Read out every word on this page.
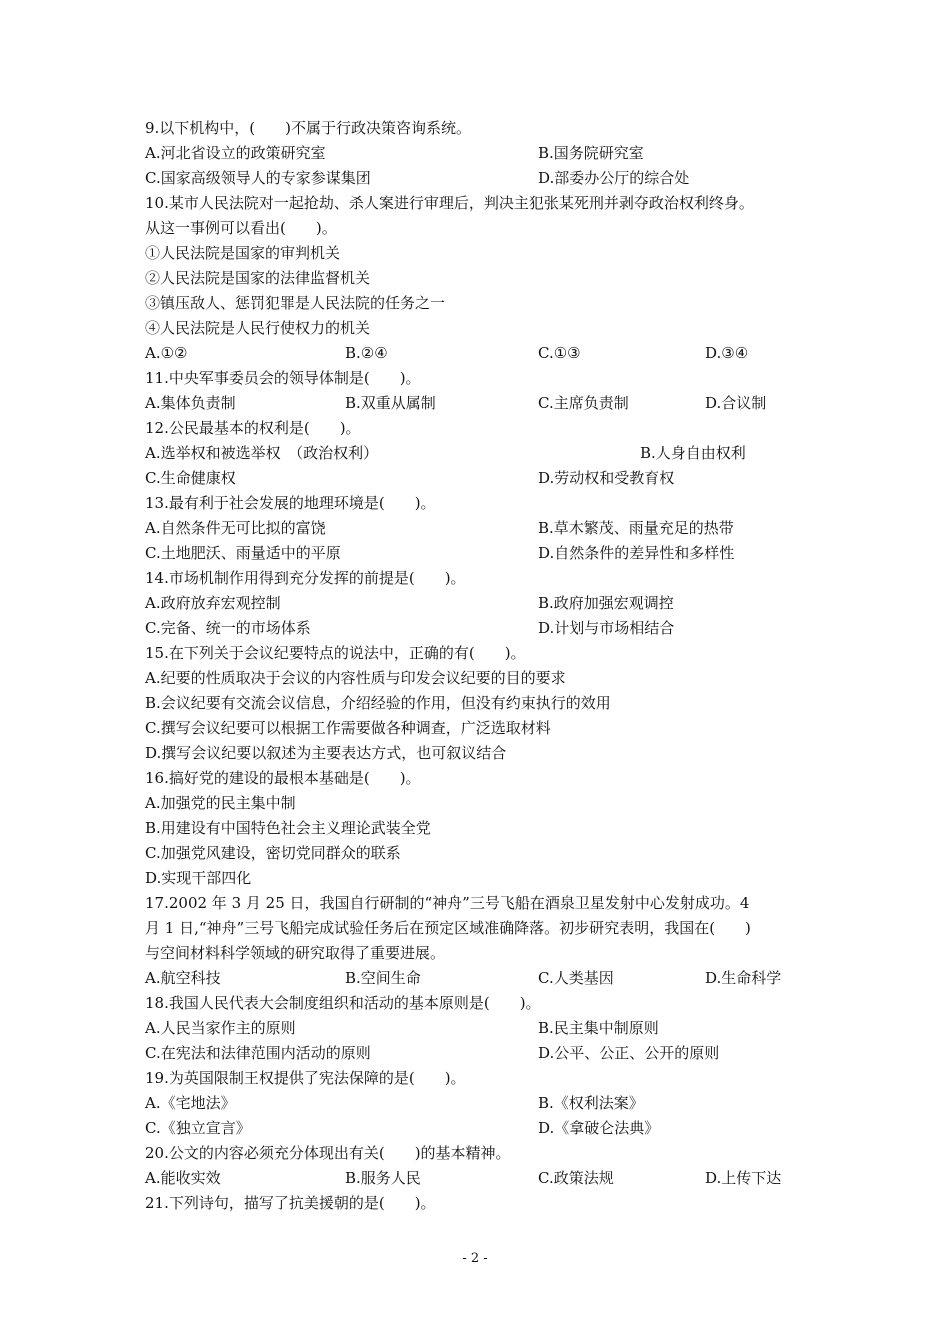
9.以下机构中，(　　)不属于行政决策咨询系统。
A.河北省设立的政策研究室	B.国务院研究室
C.国家高级领导人的专家参谋集团	D.部委办公厅的综合处
10.某市人民法院对一起抢劫、杀人案进行审理后，判决主犯张某死刑并剥夺政治权利终身。
从这一事例可以看出(　　)。
①人民法院是国家的审判机关
②人民法院是国家的法律监督机关
③镇压敌人、惩罚犯罪是人民法院的任务之一
④人民法院是人民行使权力的机关
A.①②	B.②④	C.①③	D.③④
11.中央军事委员会的领导体制是(　　)。
A.集体负责制	B.双重从属制	C.主席负责制	D.合议制
12.公民最基本的权利是(　　)。
A.选举权和被选举权　（政治权利）	B.人身自由权利
C.生命健康权	D.劳动权和受教育权
13.最有利于社会发展的地理环境是(　　)。
A.自然条件无可比拟的富饶	B.草木繁茂、雨量充足的热带
C.土地肥沃、雨量适中的平原	D.自然条件的差异性和多样性
14.市场机制作用得到充分发挥的前提是(　　)。
A.政府放弃宏观控制	B.政府加强宏观调控
C.完备、统一的市场体系	D.计划与市场相结合
15.在下列关于会议纪要特点的说法中，正确的有(　　)。
A.纪要的性质取决于会议的内容性质与印发会议纪要的目的要求
B.会议纪要有交流会议信息，介绍经验的作用，但没有约束执行的效用
C.撰写会议纪要可以根据工作需要做各种调查，广泛选取材料
D.撰写会议纪要以叙述为主要表达方式，也可叙议结合
16.搞好党的建设的最根本基础是(　　)。
A.加强党的民主集中制
B.用建设有中国特色社会主义理论武装全党
C.加强党风建设，密切党同群众的联系
D.实现干部四化
17.2002 年 3 月 25 日，我国自行研制的“神舟”三号飞船在酒泉卫星发射中心发射成功。4
月 1 日,“神舟”三号飞船完成试验任务后在预定区域准确降落。初步研究表明，我国在(　　)
与空间材料科学领域的研究取得了重要进展。
A.航空科技	B.空间生命	C.人类基因	D.生命科学
18.我国人民代表大会制度组织和活动的基本原则是(　　)。
A.人民当家作主的原则	B.民主集中制原则
C.在宪法和法律范围内活动的原则	D.公平、公正、公开的原则
19.为英国限制王权提供了宪法保障的是(　　)。
A.《宅地法》	B.《权利法案》
C.《独立宣言》	D.《拿破仑法典》
20.公文的内容必须充分体现出有关(　　)的基本精神。
A.能收实效	B.服务人民	C.政策法规	D.上传下达
21.下列诗句，描写了抗美援朝的是(　　)。
- 2 -
